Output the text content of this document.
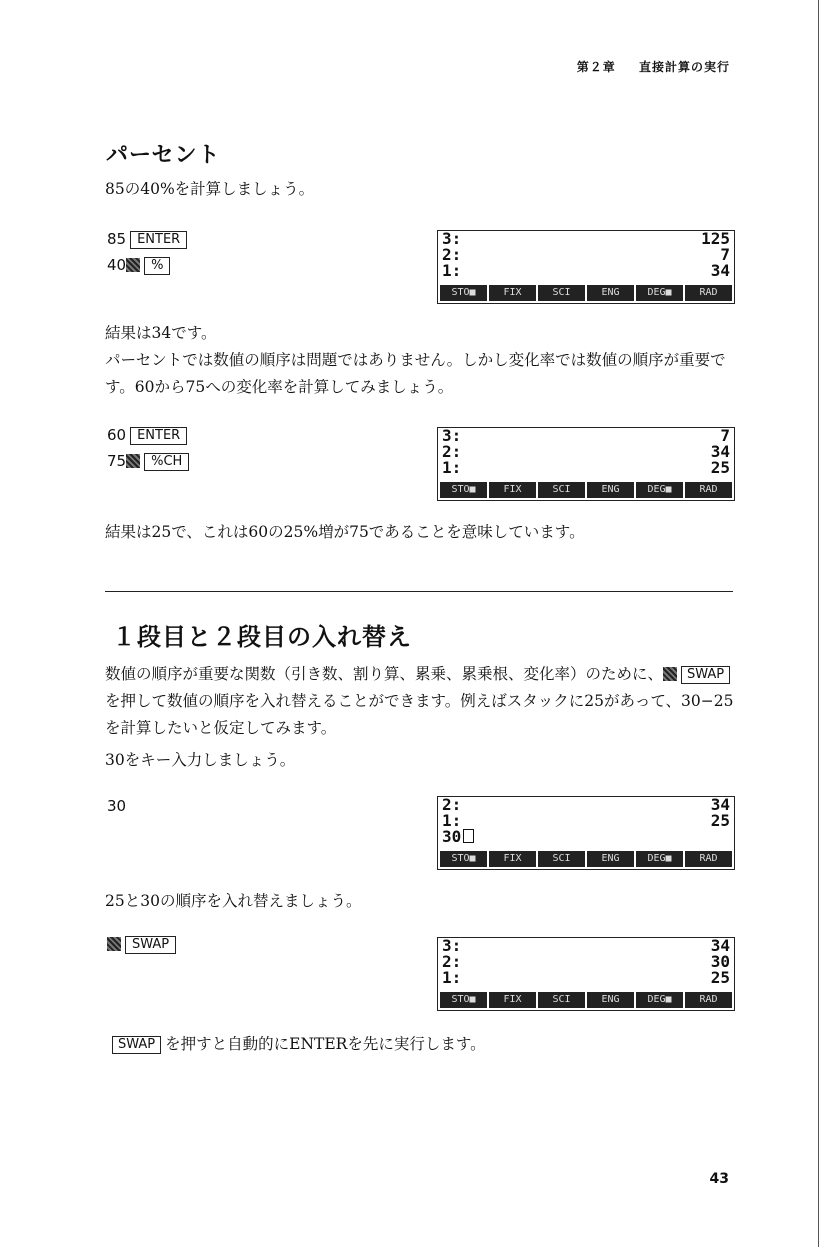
第２章 直接計算の実行
パーセント

85の40%を計算しましょう。

85 ENTER
40 %
3:	125
2:	7
1:	34
STO■	FIX	SCI	ENG	DEG■	RAD

結果は34です。

パーセントでは数値の順序は問題ではありません。しかし変化率では数値の順序が重要です。60から75への変化率を計算してみましょう。

60 ENTER
75 %CH
3:	7
2:	34
1:	25
STO■	FIX	SCI	ENG	DEG■	RAD

結果は25で、これは60の25%増が75であることを意味しています。

１段目と２段目の入れ替え

数値の順序が重要な関数（引き数、割り算、累乗、累乗根、変化率）のために、 SWAPを押して数値の順序を入れ替えることができます。例えばスタックに25があって、30−25を計算したいと仮定してみます。

30をキー入力しましょう。

30	2:	34
1:	25
30
STO■	FIX	SCI	ENG	DEG■	RAD

25と30の順序を入れ替えましょう。

SWAP	3:	34
2:	30
1:	25
STO■	FIX	SCI	ENG	DEG■	RAD

SWAP を押すと自動的にENTERを先に実行します。

43
